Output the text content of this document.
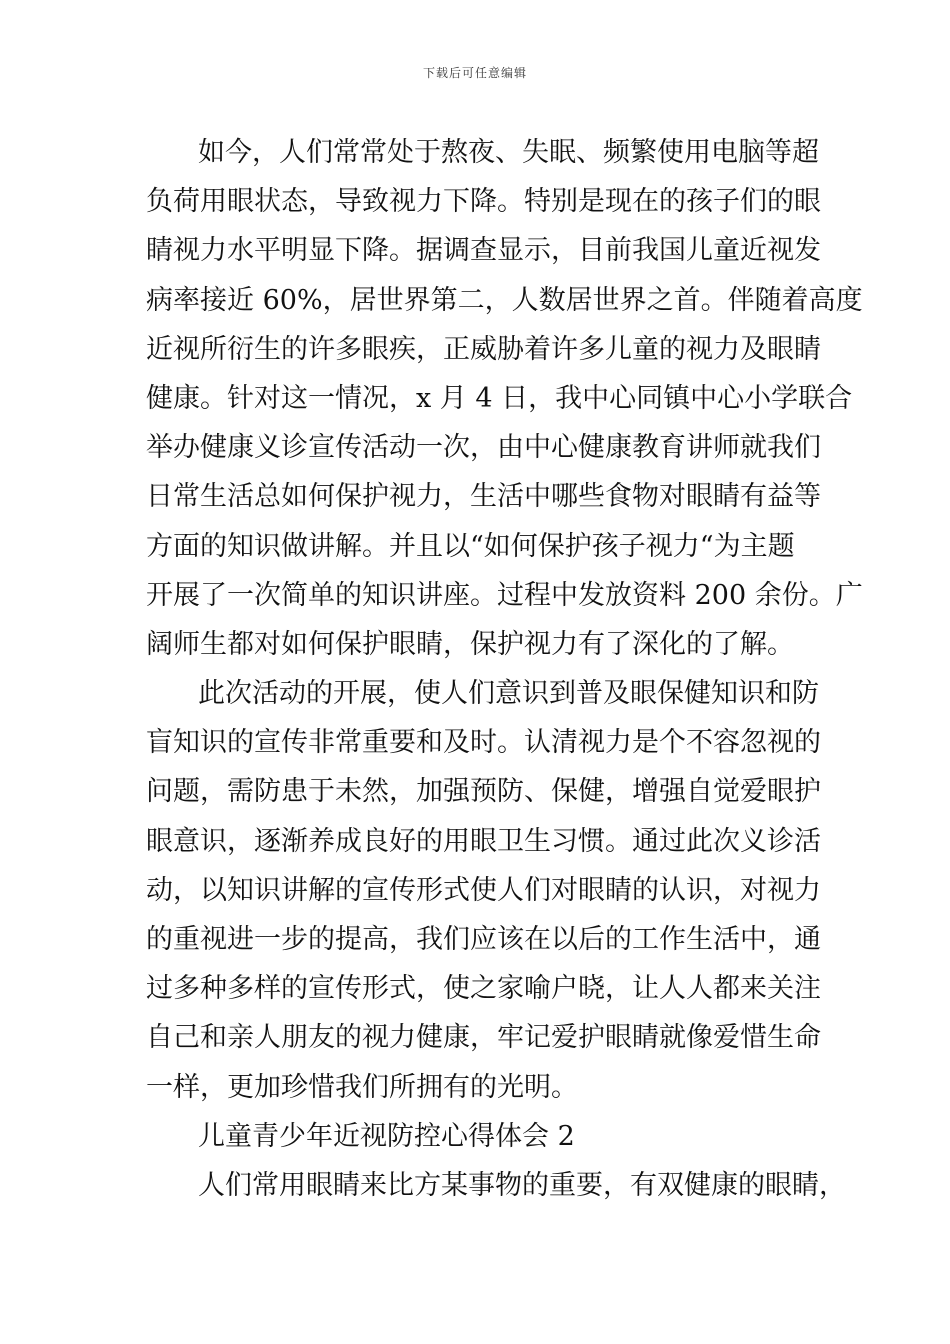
下载后可任意编辑
如今，人们常常处于熬夜、失眠、频繁使用电脑等超
负荷用眼状态，导致视力下降。特别是现在的孩子们的眼
睛视力水平明显下降。据调查显示，目前我国儿童近视发
病率接近 60%，居世界第二，人数居世界之首。伴随着高度
近视所衍生的许多眼疾，正威胁着许多儿童的视力及眼睛
健康。针对这一情况，x 月 4 日，我中心同镇中心小学联合
举办健康义诊宣传活动一次，由中心健康教育讲师就我们
日常生活总如何保护视力，生活中哪些食物对眼睛有益等
方面的知识做讲解。并且以“如何保护孩子视力“为主题
开展了一次简单的知识讲座。过程中发放资料 200 余份。广
阔师生都对如何保护眼睛，保护视力有了深化的了解。
此次活动的开展，使人们意识到普及眼保健知识和防
盲知识的宣传非常重要和及时。认清视力是个不容忽视的
问题，需防患于未然，加强预防、保健，增强自觉爱眼护
眼意识，逐渐养成良好的用眼卫生习惯。通过此次义诊活
动，以知识讲解的宣传形式使人们对眼睛的认识，对视力
的重视进一步的提高，我们应该在以后的工作生活中，通
过多种多样的宣传形式，使之家喻户晓，让人人都来关注
自己和亲人朋友的视力健康，牢记爱护眼睛就像爱惜生命
一样，更加珍惜我们所拥有的光明。
儿童青少年近视防控心得体会 2
人们常用眼睛来比方某事物的重要，有双健康的眼睛，
